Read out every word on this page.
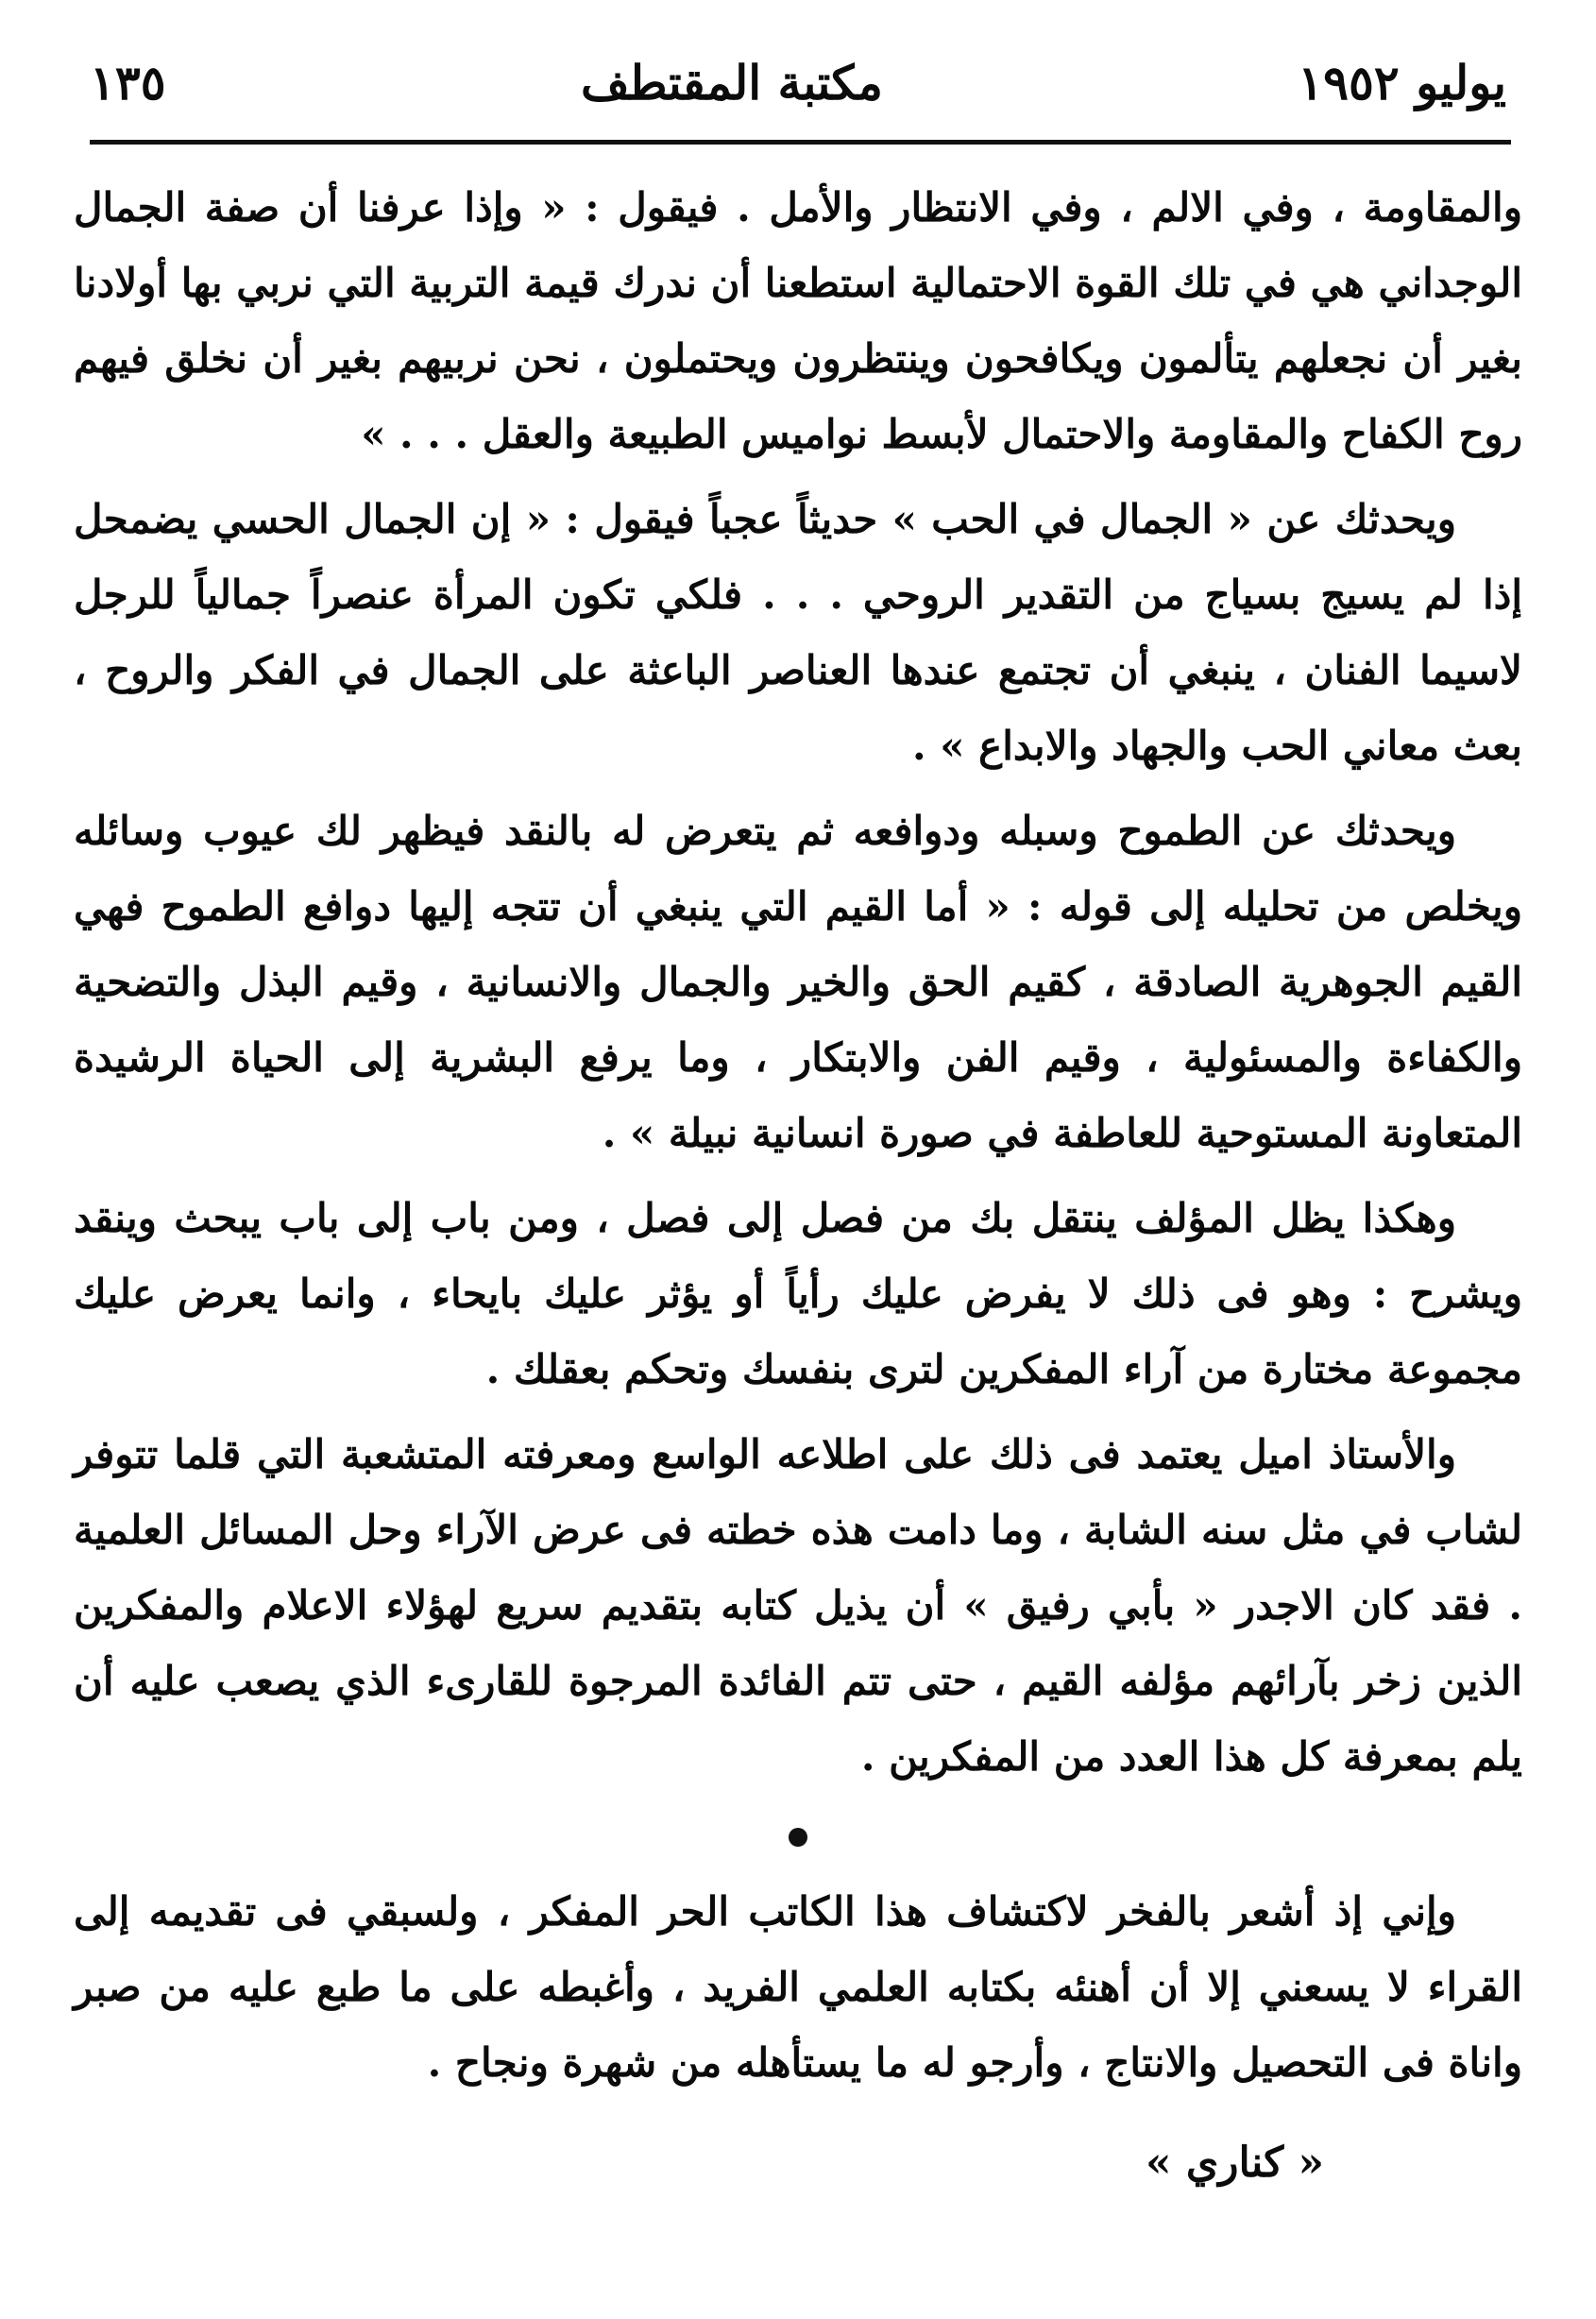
يوليو ١٩٥٢
مكتبة المقتطف
١٣٥

والمقاومة ، وفي الالم ، وفي الانتظار والأمل . فيقول : « وإذا عرفنا أن صفة الجمال الوجداني هي في تلك القوة الاحتمالية استطعنا أن ندرك قيمة التربية التي نربي بها أولادنا بغير أن نجعلهم يتألمون ويكافحون وينتظرون ويحتملون ، نحن نربيهم بغير أن نخلق فيهم روح الكفاح والمقاومة والاحتمال لأبسط نواميس الطبيعة والعقل . . . »

ويحدثك عن « الجمال في الحب » حديثاً عجباً فيقول : « إن الجمال الحسي يضمحل إذا لم يسيج بسياج من التقدير الروحي . . . فلكي تكون المرأة عنصراً جمالياً للرجل لاسيما الفنان ، ينبغي أن تجتمع عندها العناصر الباعثة على الجمال في الفكر والروح ، بعث معاني الحب والجهاد والابداع » .

ويحدثك عن الطموح وسبله ودوافعه ثم يتعرض له بالنقد فيظهر لك عيوب وسائله ويخلص من تحليله إلى قوله : « أما القيم التي ينبغي أن تتجه إليها دوافع الطموح فهي القيم الجوهرية الصادقة ، كقيم الحق والخير والجمال والانسانية ، وقيم البذل والتضحية والكفاءة والمسئولية ، وقيم الفن والابتكار ، وما يرفع البشرية إلى الحياة الرشيدة المتعاونة المستوحية للعاطفة في صورة انسانية نبيلة » .

وهكذا يظل المؤلف ينتقل بك من فصل إلى فصل ، ومن باب إلى باب يبحث وينقد ويشرح : وهو فى ذلك لا يفرض عليك رأياً أو يؤثر عليك بايحاء ، وانما يعرض عليك مجموعة مختارة من آراء المفكرين لترى بنفسك وتحكم بعقلك .

والأستاذ اميل يعتمد فى ذلك على اطلاعه الواسع ومعرفته المتشعبة التي قلما تتوفر لشاب في مثل سنه الشابة ، وما دامت هذه خطته فى عرض الآراء وحل المسائل العلمية . فقد كان الاجدر « بأبي رفيق » أن يذيل كتابه بتقديم سريع لهؤلاء الاعلام والمفكرين الذين زخر بآرائهم مؤلفه القيم ، حتى تتم الفائدة المرجوة للقارىء الذي يصعب عليه أن يلم بمعرفة كل هذا العدد من المفكرين .

وإني إذ أشعر بالفخر لاكتشاف هذا الكاتب الحر المفكر ، ولسبقي فى تقديمه إلى القراء لا يسعني إلا أن أهنئه بكتابه العلمي الفريد ، وأغبطه على ما طبع عليه من صبر واناة فى التحصيل والانتاج ، وأرجو له ما يستأهله من شهرة ونجاح .

« كناري »
